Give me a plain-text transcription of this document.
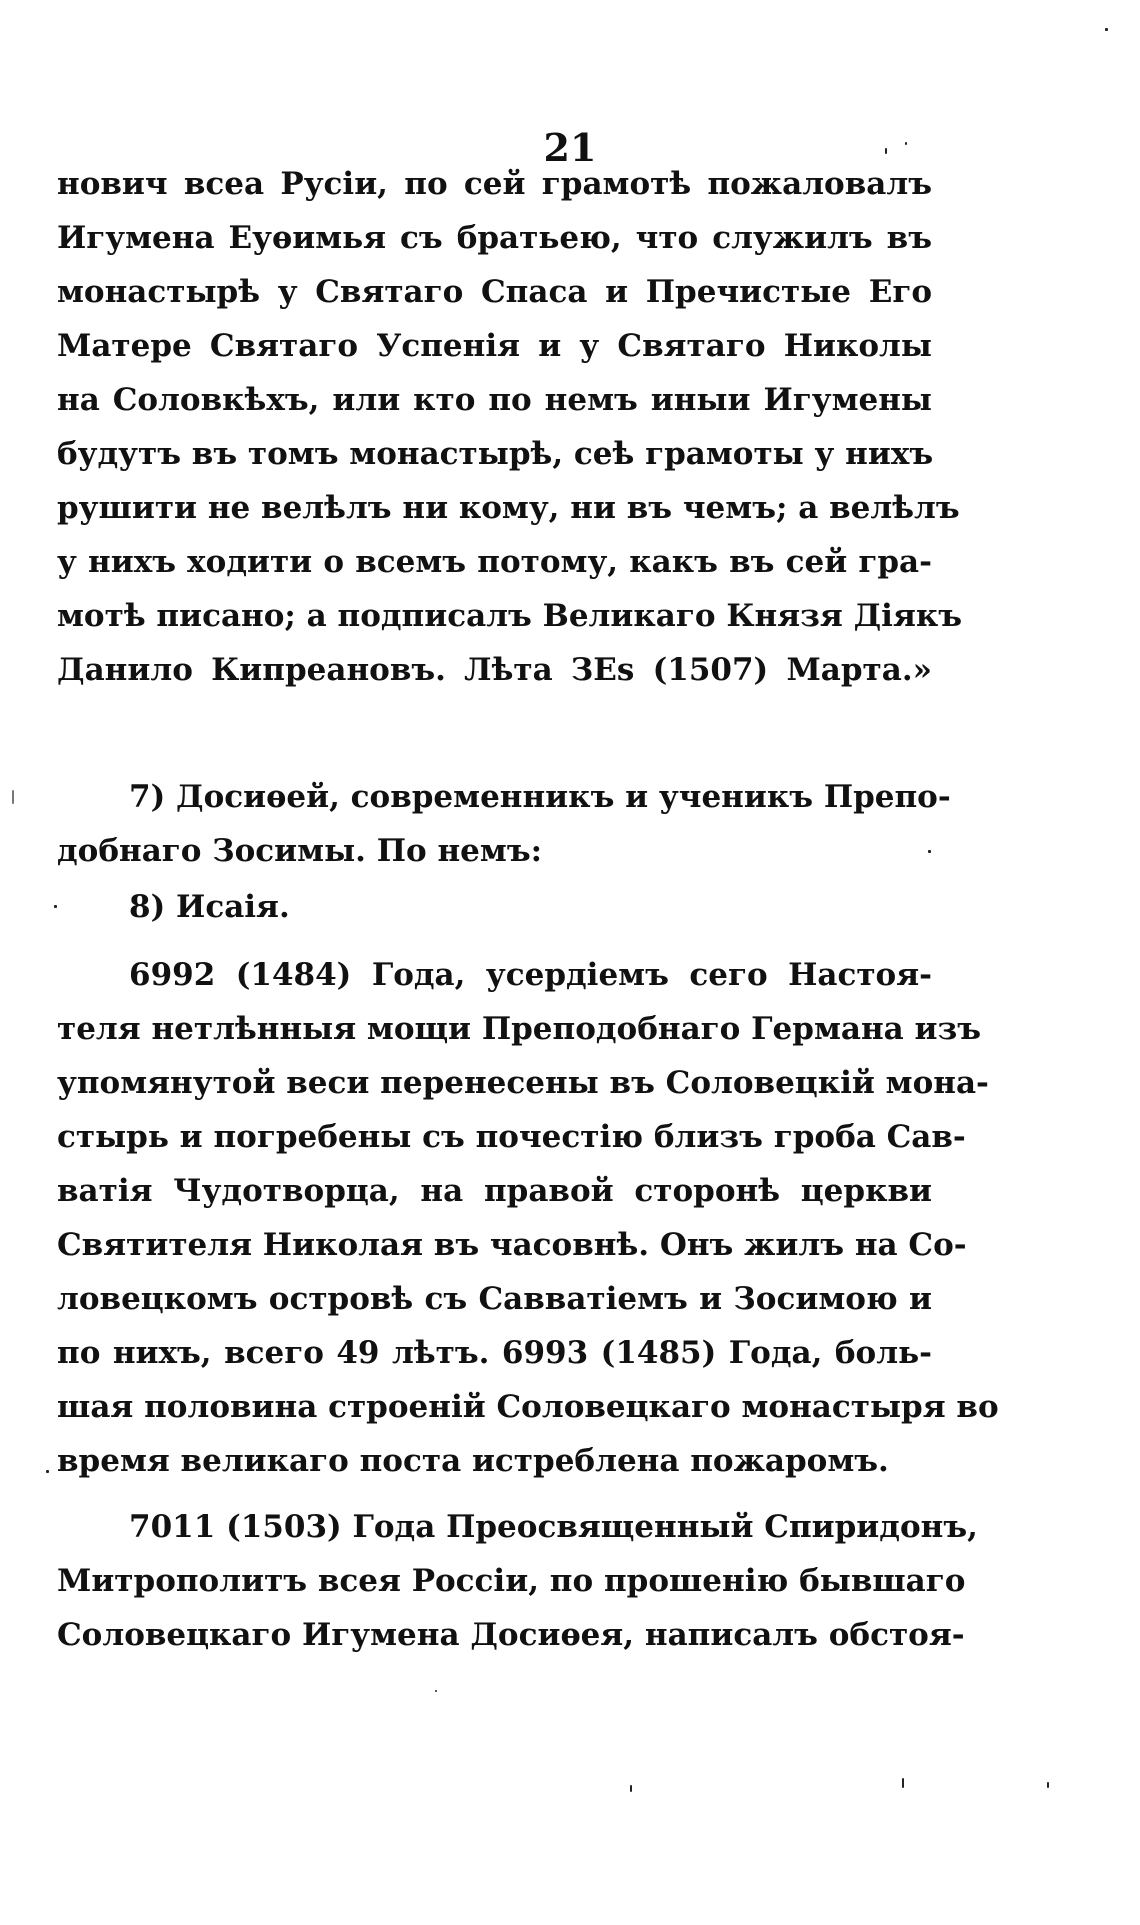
21
нович всеа Русіи, по сей грамотѣ пожаловалъ
Игумена Еуѳимья съ братьею, что служилъ въ
монастырѣ у Святаго Спаса и Пречистые Его
Матере Святаго Успенія и у Святаго Николы
на Соловкѣхъ, или кто по немъ иныи Игумены
будутъ въ томъ монастырѣ, сеѣ грамоты у нихъ
рушити не велѣлъ ни кому, ни въ чемъ; а велѣлъ
у нихъ ходити о всемъ потому, какъ въ сей гра-
мотѣ писано; а подписалъ Великаго Князя Діякъ
Данило Кипреановъ. Лѣта ЗЕs (1507) Марта.»
7) Досиѳей, современникъ и ученикъ Препо-
добнаго Зосимы. По немъ:
8) Исаія.
6992 (1484) Года, усердіемъ сего Настоя-
теля нетлѣнныя мощи Преподобнаго Германа изъ
упомянутой веси перенесены въ Соловецкій мона-
стырь и погребены съ почестію близъ гроба Сав-
ватія Чудотворца, на правой сторонѣ церкви
Святителя Николая въ часовнѣ. Онъ жилъ на Со-
ловецкомъ островѣ съ Савватіемъ и Зосимою и
по нихъ, всего 49 лѣтъ. 6993 (1485) Года, боль-
шая половина строеній Соловецкаго монастыря во
время великаго поста истреблена пожаромъ.
7011 (1503) Года Преосвященный Спиридонъ,
Митрополитъ всея Россіи, по прошенію бывшаго
Соловецкаго Игумена Досиѳея, написалъ обстоя-
